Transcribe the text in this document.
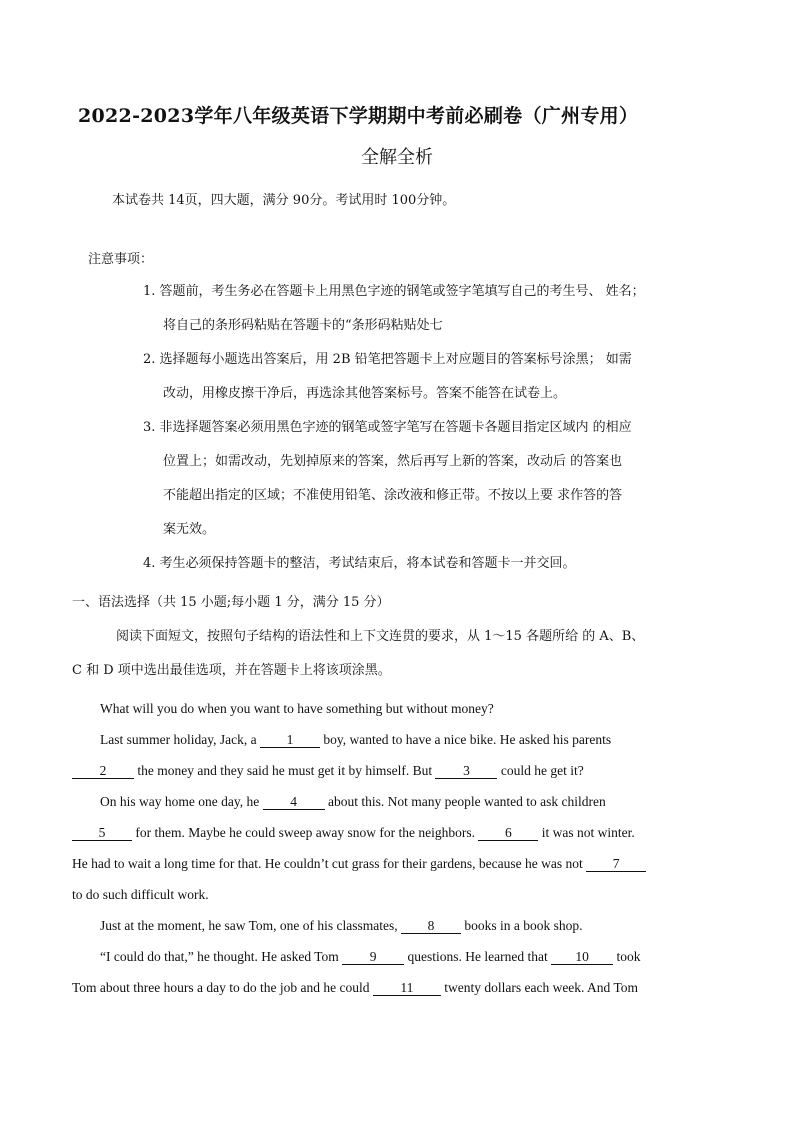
2022-2023学年八年级英语下学期期中考前必刷卷（广州专用）
全解全析
本试卷共 14页，四大题，满分 90分。考试用时 100分钟。
注意事项：
1. 答题前，考生务必在答题卡上用黑色字迹的钢笔或签字笔填写自己的考生号、 姓名；
将自己的条形码粘贴在答题卡的“条形码粘贴处七
2. 选择题每小题选出答案后，用 2B 铅笔把答题卡上对应题目的答案标号涂黑； 如需
改动，用橡皮擦干净后，再选涂其他答案标号。答案不能答在试卷上。
3. 非选择题答案必须用黑色字迹的钢笔或签字笔写在答题卡各题目指定区域内 的相应
位置上；如需改动，先划掉原来的答案，然后再写上新的答案，改动后 的答案也
不能超出指定的区域；不准使用铅笔、涂改液和修正带。不按以上要 求作答的答
案无效。
4. 考生必须保持答题卡的整洁，考试结束后，将本试卷和答题卡一并交回。
一、语法选择（共 15 小题;每小题 1 分，满分 15 分）
阅读下面短文，按照句子结构的语法性和上下文连贯的要求，从 1～15 各题所给 的 A、B、
C 和 D 项中选出最佳选项，并在答题卡上将该项涂黑。
What will you do when you want to have something but without money?
Last summer holiday, Jack, a 1 boy, wanted to have a nice bike. He asked his parents
2 the money and they said he must get it by himself. But 3 could he get it?
On his way home one day, he 4 about this. Not many people wanted to ask children
5 for them. Maybe he could sweep away snow for the neighbors. 6 it was not winter.
He had to wait a long time for that. He couldn’t cut grass for their gardens, because he was not 7
to do such difficult work.
Just at the moment, he saw Tom, one of his classmates, 8 books in a book shop.
“I could do that,” he thought. He asked Tom 9 questions. He learned that 10 took
Tom about three hours a day to do the job and he could 11 twenty dollars each week. And Tom
